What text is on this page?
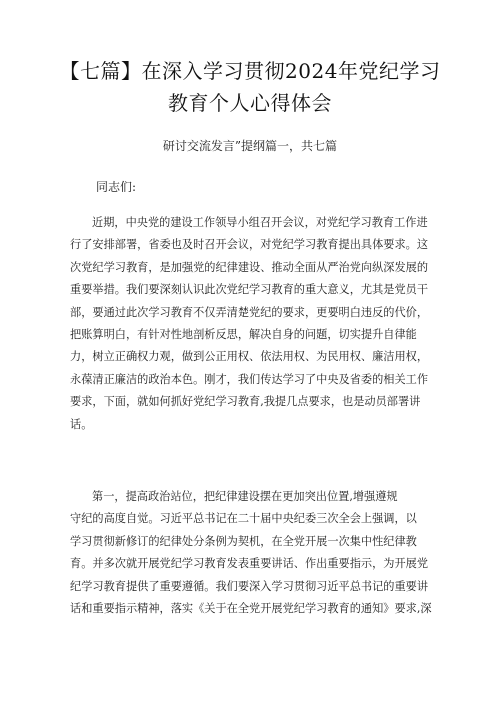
【七篇】在深入学习贯彻2024年党纪学习
教育个人心得体会
研讨交流发言”提纲篇一，共七篇
同志们:

近期，中央党的建设工作领导小组召开会议，对党纪学习教育工作进
行了安排部署，省委也及时召开会议，对党纪学习教育提出具体要求。这
次党纪学习教育，是加强党的纪律建设、推动全面从严治党向纵深发展的
重要举措。我们要深刻认识此次党纪学习教育的重大意义，尤其是党员干
部，要通过此次学习教育不仅弄清楚党纪的要求，更要明白违反的代价，
把账算明白，有针对性地剖析反思，解决自身的问题，切实提升自律能
力，树立正确权力观，做到公正用权、依法用权、为民用权、廉洁用权，
永葆清正廉洁的政治本色。刚才，我们传达学习了中央及省委的相关工作
要求，下面，就如何抓好党纪学习教育,我提几点要求，也是动员部署讲
话。

第一，提高政治站位，把纪律建设摆在更加突出位置,增强遵规
守纪的高度自觉。习近平总书记在二十届中央纪委三次全会上强调，以
学习贯彻新修订的纪律处分条例为契机，在全党开展一次集中性纪律教
育。并多次就开展党纪学习教育发表重要讲话、作出重要指示，为开展党
纪学习教育提供了重要遵循。我们要深入学习贯彻习近平总书记的重要讲
话和重要指示精神，落实《关于在全党开展党纪学习教育的通知》要求,深
